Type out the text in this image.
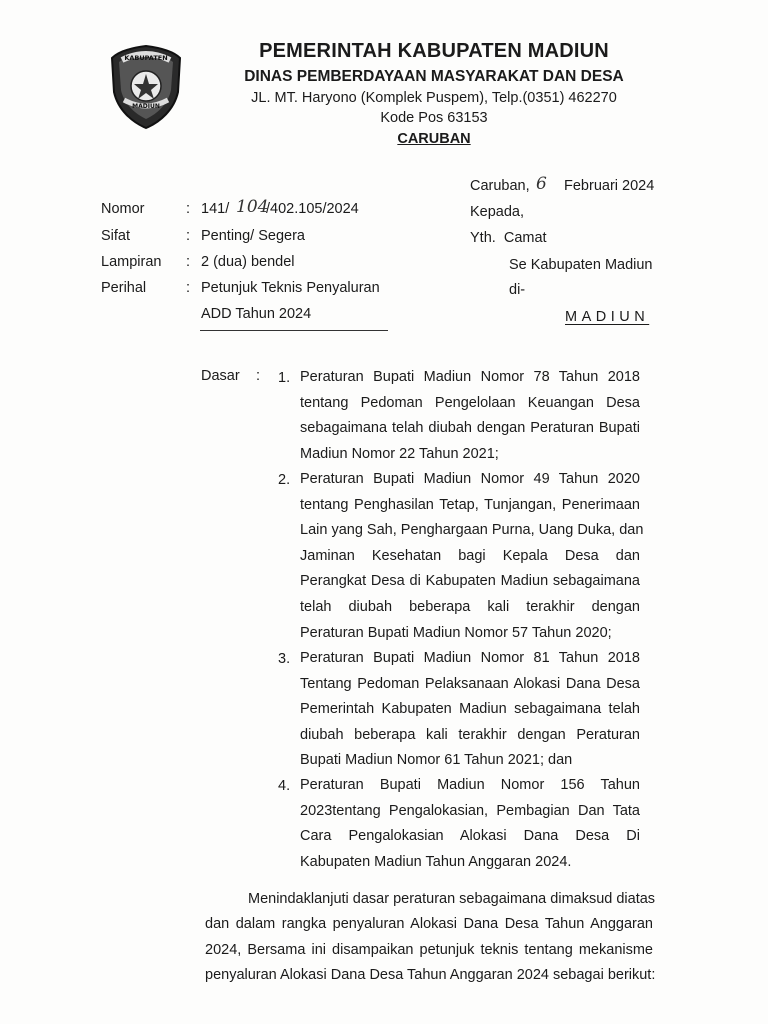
KABUPATEN
MADIUN
PEMERINTAH KABUPATEN MADIUN
DINAS PEMBERDAYAAN MASYARAKAT DAN DESA
JL. MT. Haryono (Komplek Puspem), Telp.(0351) 462270
Kode Pos 63153
CARUBAN
Caruban, 6 Februari 2024
Kepada,
Yth.  Camat
Se Kabupaten Madiun
di-
MADIUN
Nomor	: 141/ 104
/402.105/2024
Sifat	: Penting/ Segera
Lampiran : 2 (dua) bendel
Perihal	: Petunjuk Teknis Penyaluran
ADD Tahun 2024
Dasar : 1. Peraturan Bupati Madiun Nomor 78 Tahun 2018
tentang Pedoman Pengelolaan Keuangan Desa
sebagaimana telah diubah dengan Peraturan Bupati
Madiun Nomor 22 Tahun 2021;
2. Peraturan Bupati Madiun Nomor 49 Tahun 2020
tentang Penghasilan Tetap, Tunjangan, Penerimaan
Lain yang Sah, Penghargaan Purna, Uang Duka, dan
Jaminan Kesehatan bagi Kepala Desa dan
Perangkat Desa di Kabupaten Madiun sebagaimana
telah diubah beberapa kali terakhir dengan
Peraturan Bupati Madiun Nomor 57 Tahun 2020;
3. Peraturan Bupati Madiun Nomor 81 Tahun 2018
Tentang Pedoman Pelaksanaan Alokasi Dana Desa
Pemerintah Kabupaten Madiun sebagaimana telah
diubah beberapa kali terakhir dengan Peraturan
Bupati Madiun Nomor 61 Tahun 2021; dan
4. Peraturan Bupati Madiun Nomor 156 Tahun
2023tentang Pengalokasian, Pembagian Dan Tata
Cara Pengalokasian Alokasi Dana Desa Di
Kabupaten Madiun Tahun Anggaran 2024.
Menindaklanjuti dasar peraturan sebagaimana dimaksud diatas
dan dalam rangka penyaluran Alokasi Dana Desa Tahun Anggaran
2024, Bersama ini disampaikan petunjuk teknis tentang mekanisme
penyaluran Alokasi Dana Desa Tahun Anggaran 2024 sebagai berikut:
